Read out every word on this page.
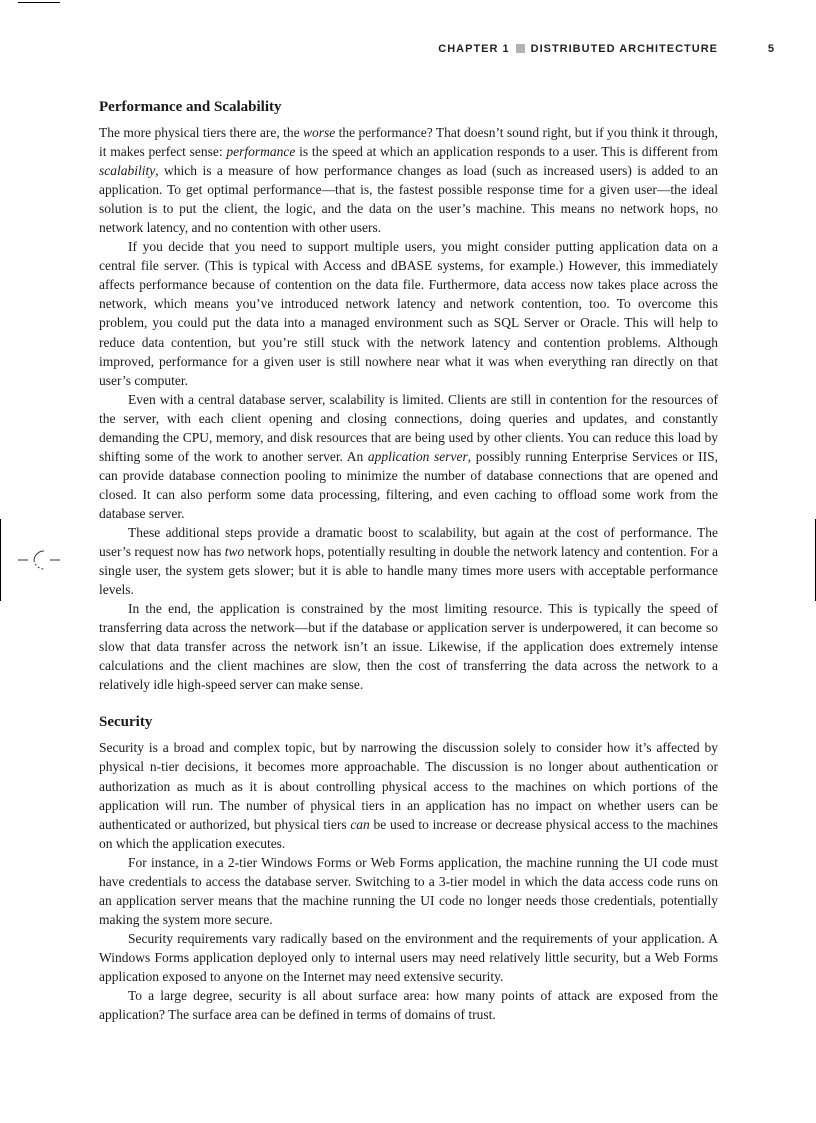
CHAPTER 1 DISTRIBUTED ARCHITECTURE	5
Performance and Scalability

The more physical tiers there are, the worse the performance? That doesn’t sound right, but if you think it through, it makes perfect sense: performance is the speed at which an application responds to a user. This is different from scalability, which is a measure of how performance changes as load (such as increased users) is added to an application. To get optimal performance—that is, the fastest possible response time for a given user—the ideal solution is to put the client, the logic, and the data on the user’s machine. This means no network hops, no network latency, and no contention with other users.

If you decide that you need to support multiple users, you might consider putting application data on a central file server. (This is typical with Access and dBASE systems, for example.) However, this immediately affects performance because of contention on the data file. Furthermore, data access now takes place across the network, which means you’ve introduced network latency and network contention, too. To overcome this problem, you could put the data into a managed environment such as SQL Server or Oracle. This will help to reduce data contention, but you’re still stuck with the network latency and contention problems. Although improved, performance for a given user is still nowhere near what it was when everything ran directly on that user’s computer.

Even with a central database server, scalability is limited. Clients are still in contention for the resources of the server, with each client opening and closing connections, doing queries and updates, and constantly demanding the CPU, memory, and disk resources that are being used by other clients. You can reduce this load by shifting some of the work to another server. An application server, possibly running Enterprise Services or IIS, can provide database connection pooling to minimize the number of database connections that are opened and closed. It can also perform some data processing, filtering, and even caching to offload some work from the database server.

These additional steps provide a dramatic boost to scalability, but again at the cost of performance. The user’s request now has two network hops, potentially resulting in double the network latency and contention. For a single user, the system gets slower; but it is able to handle many times more users with acceptable performance levels.

In the end, the application is constrained by the most limiting resource. This is typically the speed of transferring data across the network—but if the database or application server is underpowered, it can become so slow that data transfer across the network isn’t an issue. Likewise, if the application does extremely intense calculations and the client machines are slow, then the cost of transferring the data across the network to a relatively idle high-speed server can make sense.

Security

Security is a broad and complex topic, but by narrowing the discussion solely to consider how it’s affected by physical n-tier decisions, it becomes more approachable. The discussion is no longer about authentication or authorization as much as it is about controlling physical access to the machines on which portions of the application will run. The number of physical tiers in an application has no impact on whether users can be authenticated or authorized, but physical tiers can be used to increase or decrease physical access to the machines on which the application executes.

For instance, in a 2-tier Windows Forms or Web Forms application, the machine running the UI code must have credentials to access the database server. Switching to a 3-tier model in which the data access code runs on an application server means that the machine running the UI code no longer needs those credentials, potentially making the system more secure.

Security requirements vary radically based on the environment and the requirements of your application. A Windows Forms application deployed only to internal users may need relatively little security, but a Web Forms application exposed to anyone on the Internet may need extensive security.

To a large degree, security is all about surface area: how many points of attack are exposed from the application? The surface area can be defined in terms of domains of trust.
